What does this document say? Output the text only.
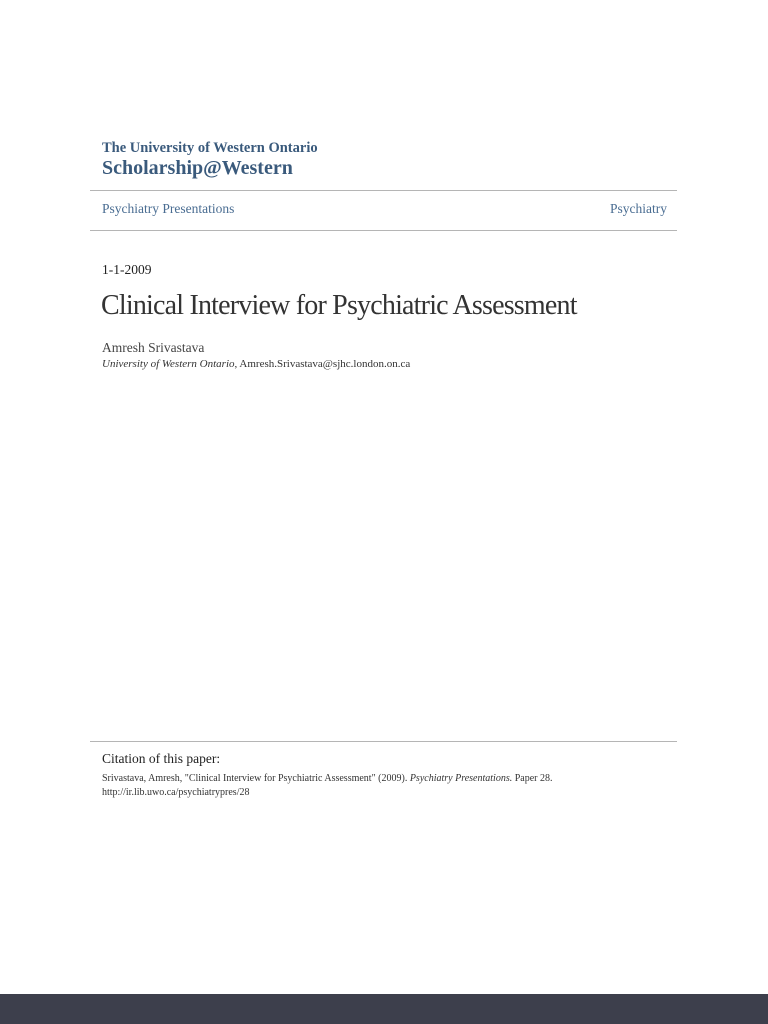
The University of Western Ontario
Scholarship@Western
Psychiatry Presentations	Psychiatry
1-1-2009
Clinical Interview for Psychiatric Assessment
Amresh Srivastava
University of Western Ontario, Amresh.Srivastava@sjhc.london.on.ca
Citation of this paper:
Srivastava, Amresh, "Clinical Interview for Psychiatric Assessment" (2009). Psychiatry Presentations. Paper 28.
http://ir.lib.uwo.ca/psychiatrypres/28
